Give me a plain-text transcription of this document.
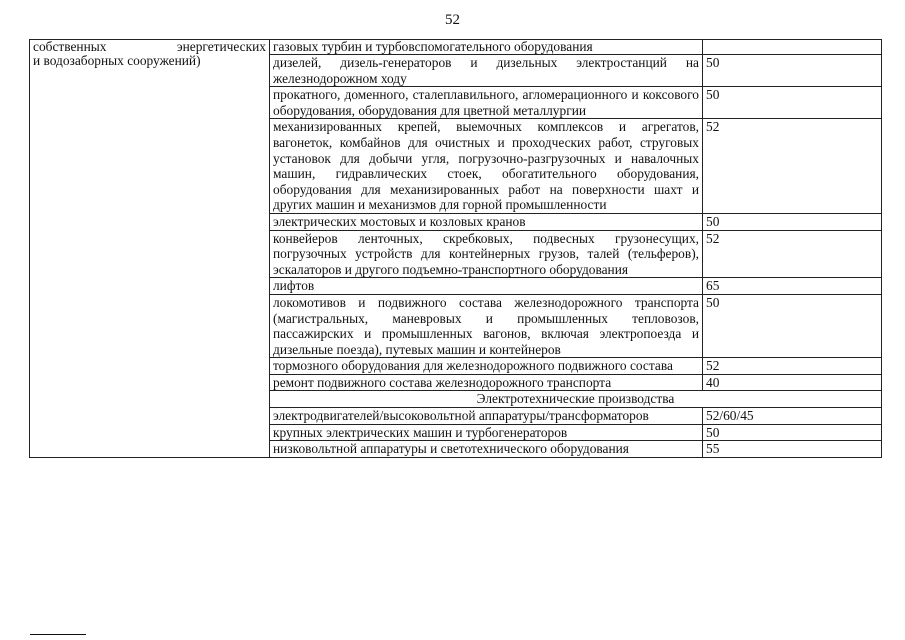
52
собственных энергетических
и водозаборных сооружений)	газовых турбин и турбовспомогательного оборудования	
	дизелей, дизель-генераторов и дизельных электростанций на железнодорожном ходу	50
	прокатного, доменного, сталеплавильного, агломерационного и коксового оборудования, оборудования для цветной металлургии	50
	механизированных крепей, выемочных комплексов и агрегатов, вагонеток, комбайнов для очистных и проходческих работ, струговых установок для добычи угля, погрузочно-разгрузочных и навалочных машин, гидравлических стоек, обогатительного оборудования, оборудования для механизированных работ на поверхности шахт и других машин и механизмов для горной промышленности	52
	электрических мостовых и козловых кранов	50
	конвейеров ленточных, скребковых, подвесных грузонесущих, погрузочных устройств для контейнерных грузов, талей (тельферов), эскалаторов и другого подъемно-транспортного оборудования	52
	лифтов	65
	локомотивов и подвижного состава железнодорожного транспорта (магистральных, маневровых и промышленных тепловозов, пассажирских и промышленных вагонов, включая электропоезда и дизельные поезда), путевых машин и контейнеров	50
	тормозного оборудования для железнодорожного подвижного состава	52
	ремонт подвижного состава железнодорожного транспорта	40
	Электротехнические производства	
	электродвигателей/высоковольтной аппаратуры/трансформаторов	52/60/45
	крупных электрических машин и турбогенераторов	50
	низковольтной аппаратуры и светотехнического оборудования	55
